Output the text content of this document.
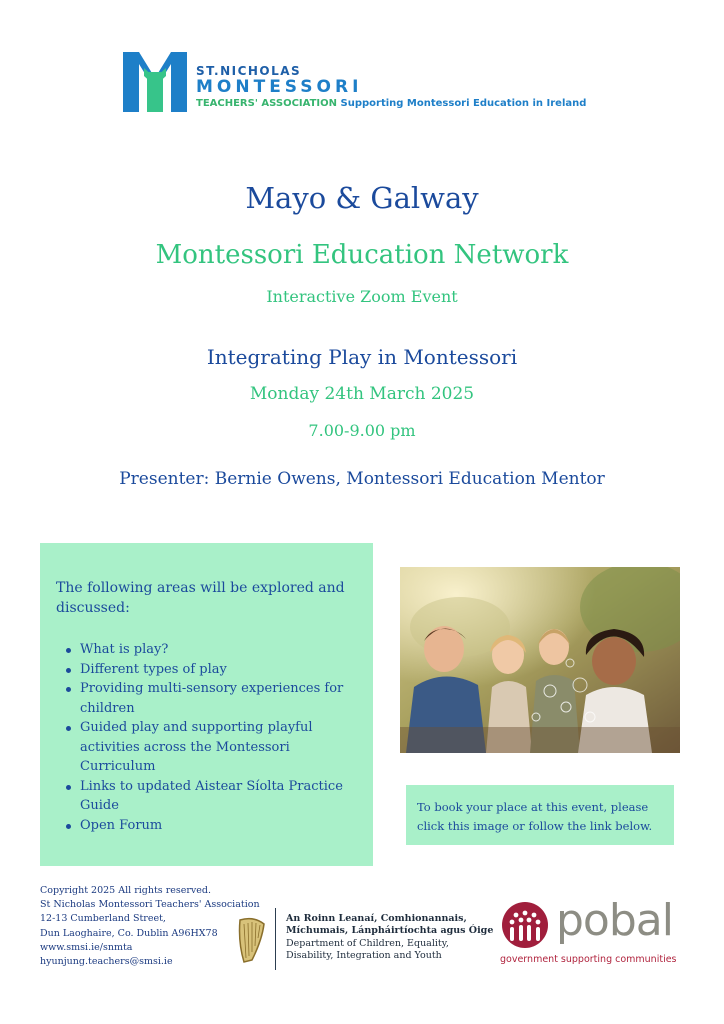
ST.NICHOLAS
MONTESSORI
TEACHERS' ASSOCIATION Supporting Montessori Education in Ireland
Mayo & Galway
Montessori Education Network
Interactive Zoom Event
Integrating Play in Montessori
Monday 24th March 2025
7.00-9.00 pm
Presenter: Bernie Owens, Montessori Education Mentor
The following areas will be explored and discussed:
What is play?
Different types of play
Providing multi-sensory experiences for children
Guided play and supporting playful activities across the Montessori Curriculum
Links to updated Aistear Síolta Practice Guide
Open Forum
To book your place at this event, please click this image or follow the link below.
Copyright 2025 All rights reserved.
St Nicholas Montessori Teachers' Association
12-13 Cumberland Street,
Dun Laoghaire, Co. Dublin A96HX78
www.smsi.ie/snmta
hyunjung.teachers@smsi.ie
An Roinn Leanaí, Comhionannais,
Míchumais, Lánpháirtíochta agus Óige
Department of Children, Equality,
Disability, Integration and Youth
pobal
government supporting communities
